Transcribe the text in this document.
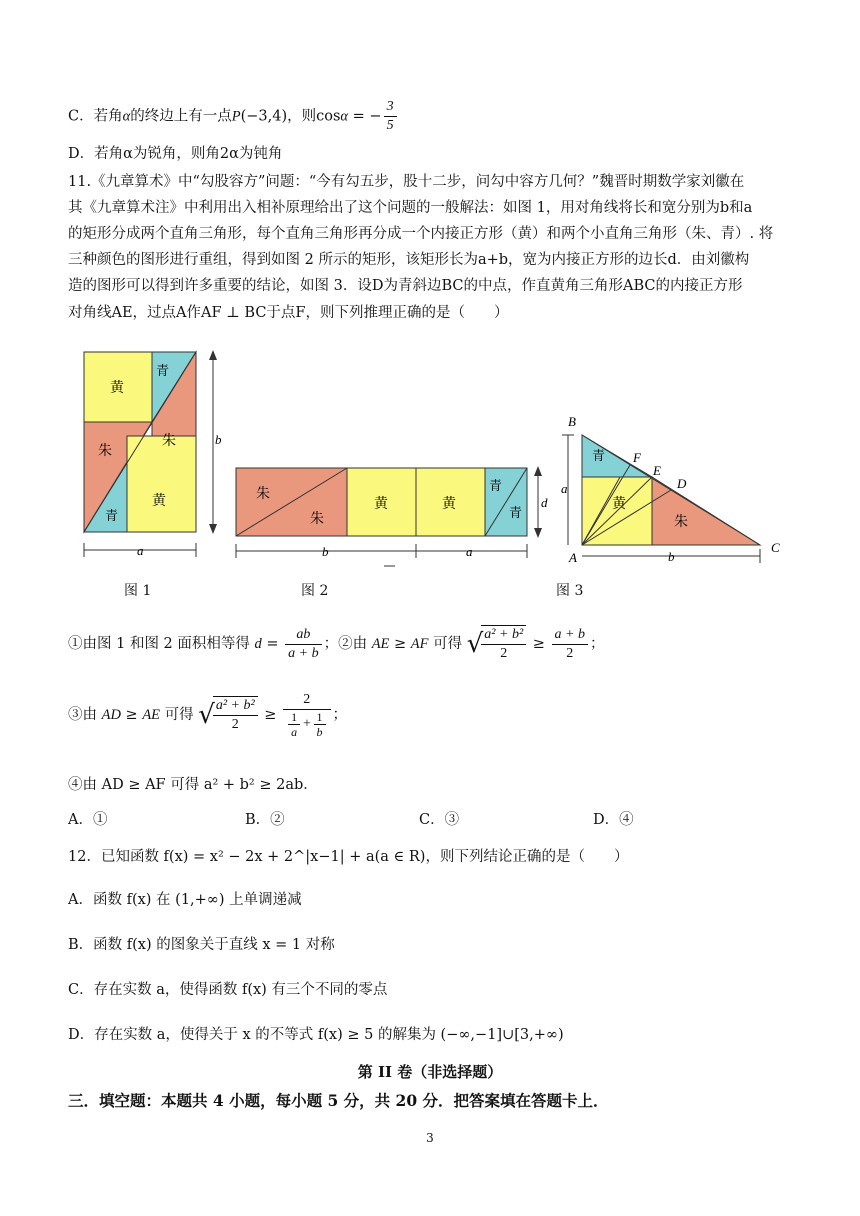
C．若角α的终边上有一点P(−3,4)，则cosα = − $\frac{3}{5}$
D．若角α为锐角，则角2α为钝角
11.《九章算术》中“勾股容方”问题：“今有勾五步，股十二步，问勾中容方几何？”魏晋时期数学家刘徽在
其《九章算术注》中利用出入相补原理给出了这个问题的一般解法：如图 1，用对角线将长和宽分别为b和a
的矩形分成两个直角三角形，每个直角三角形再分成一个内接正方形（黄）和两个小直角三角形（朱、青）. 将
三种颜色的图形进行重组，得到如图 2 所示的矩形，该矩形长为a+b，宽为内接正方形的边长d．由刘徽构
造的图形可以得到许多重要的结论，如图 3．设D为青斜边BC的中点，作直黄角三角形ABC的内接正方形
对角线AE，过点A作AF ⊥ BC于点F，则下列推理正确的是（　　）
黄
青
朱
朱
黄
青
b
a
朱
朱
黄	黄
青
青
d
b	a
B
F
E
D
A
C
青
黄
朱
a
b
图 1	图 2	图 3
①由图 1 和图 2 面积相等得 $d = \frac{ab}{a + b}$ ；②由 AE ≥ AF 可得 √
$\frac{\text{a² + b²}}{2} \ge \frac{a + b}{2}$ ；
③由 AD ≥ AE 可得 √
$\frac{\text{a² + b²}}{2} \ge \frac{2}{\frac{1}{a} + \frac{1}{b}}$ ；
④由 AD ≥ AF 可得 a² + b² ≥ 2ab．
A．①	B．②	C．③	D．④
12．已知函数 f(x) = x² − 2x + 2^|x−1| + a(a ∈ R)，则下列结论正确的是（　　）
A．函数 f(x) 在 (1,+∞) 上单调递减
B．函数 f(x) 的图象关于直线 x = 1 对称
C．存在实数 a，使得函数 f(x) 有三个不同的零点
D．存在实数 a，使得关于 x 的不等式 f(x) ≥ 5 的解集为 (−∞,−1]∪[3,+∞)
第 II 卷（非选择题）
三．填空题：本题共 4 小题，每小题 5 分，共 20 分．把答案填在答题卡上．
3
